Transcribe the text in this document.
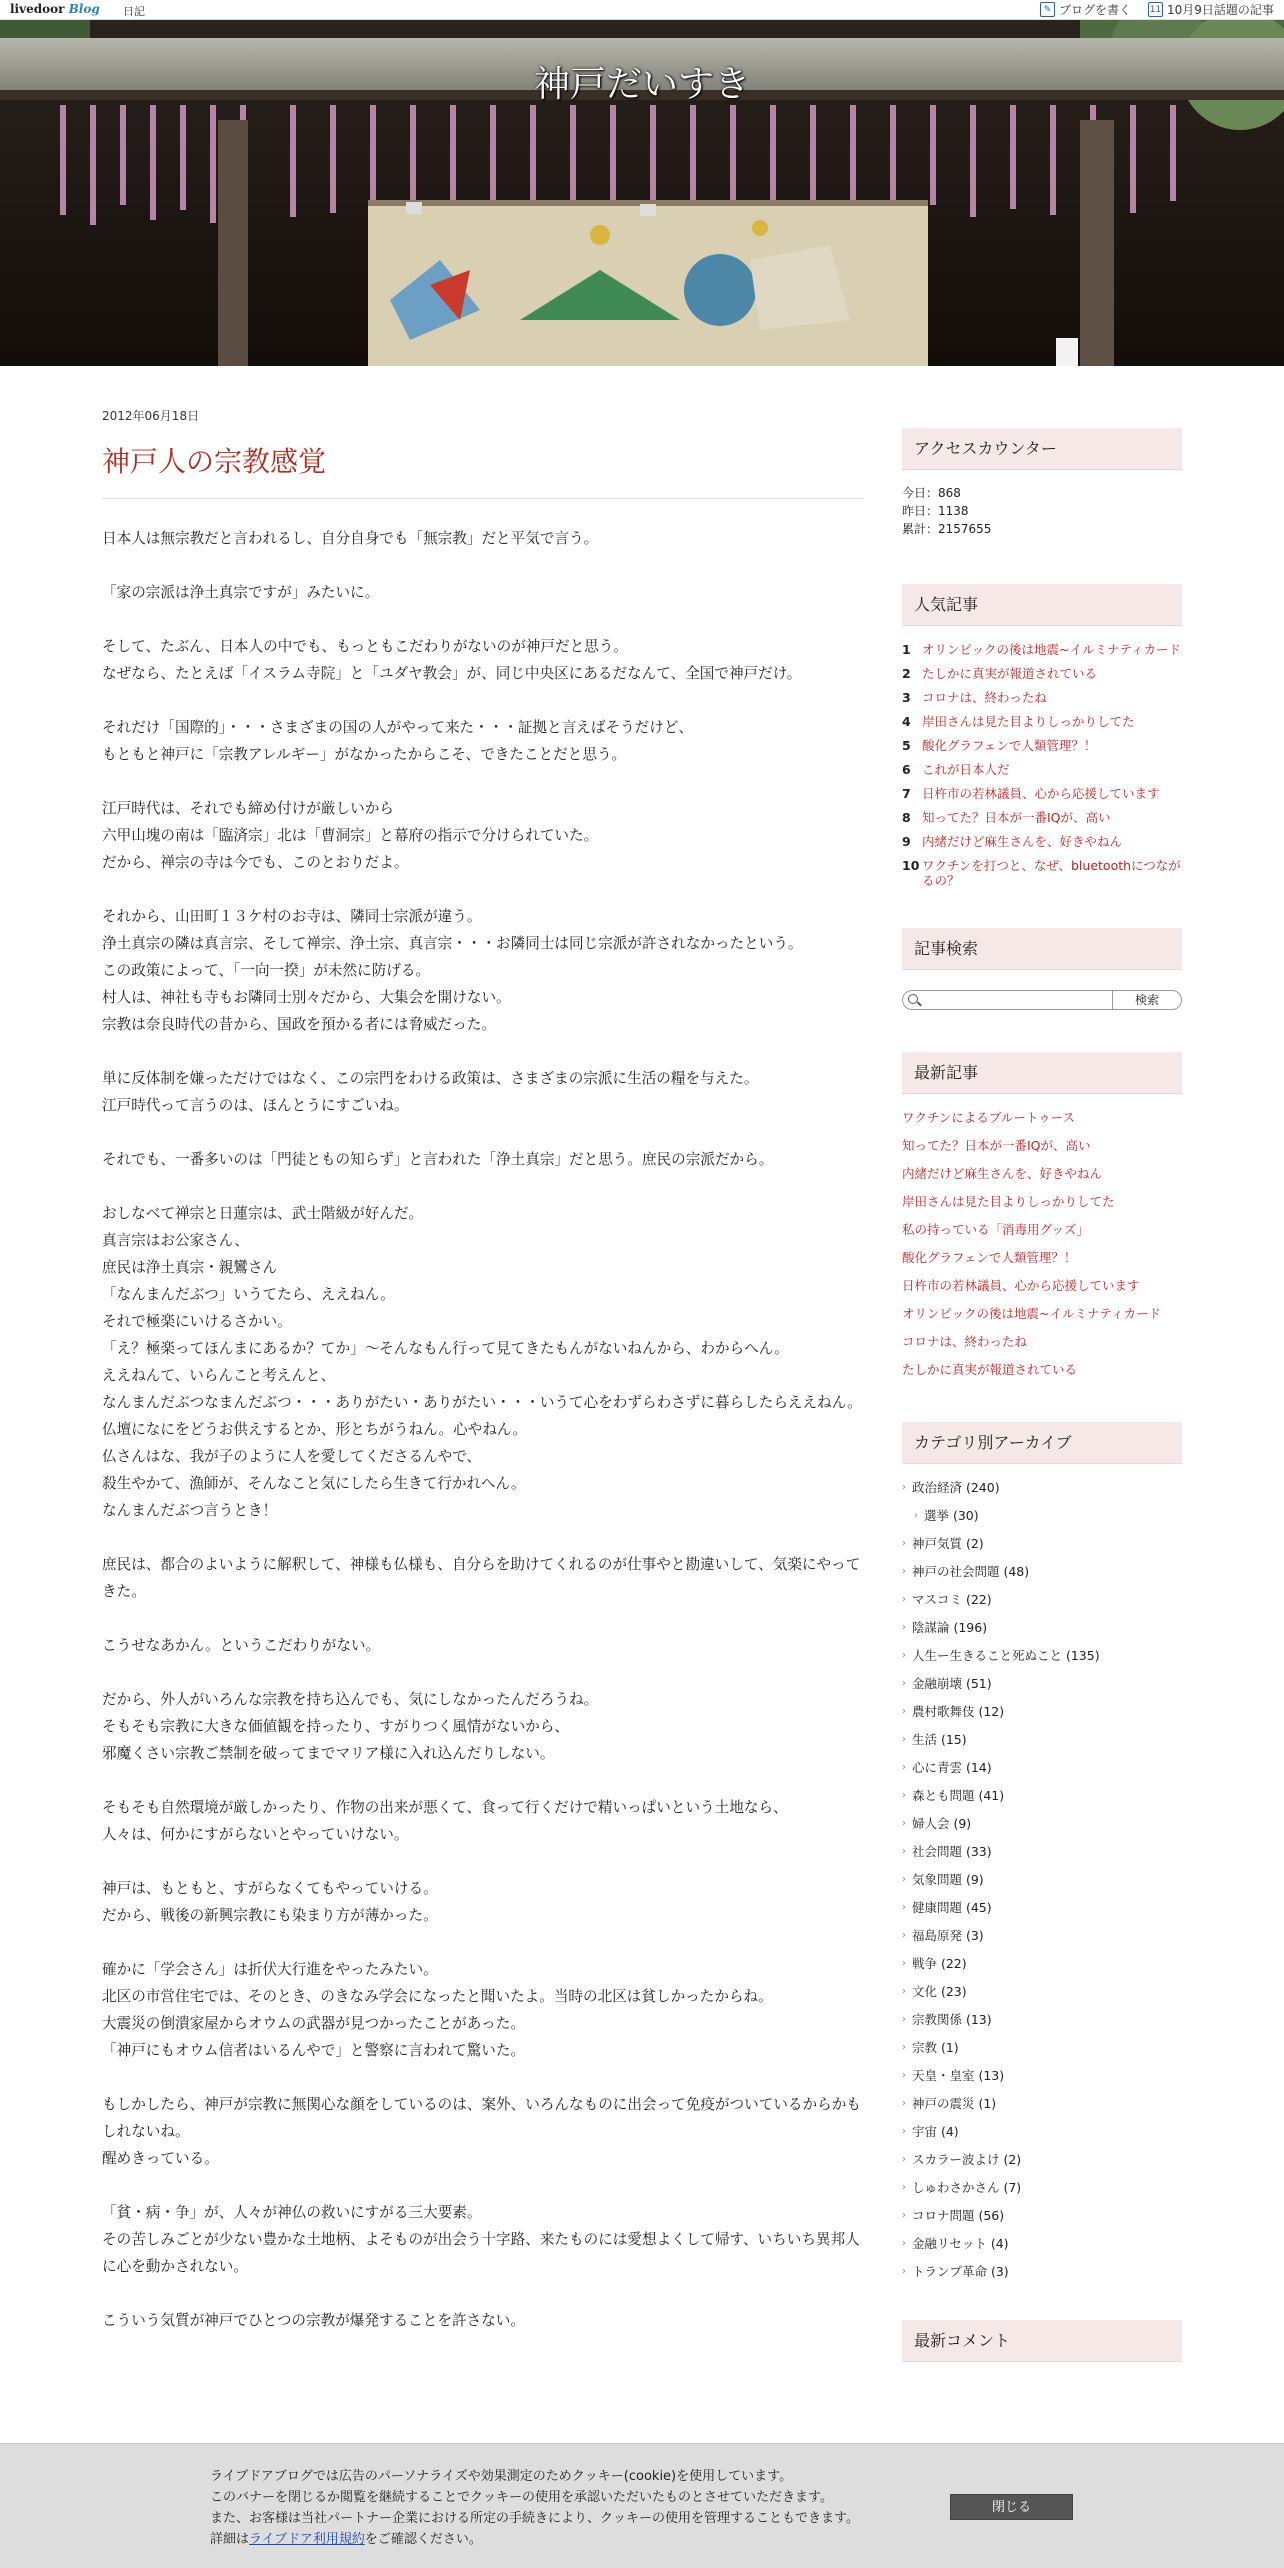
livedoor Blog 日記	✎ ブログを書く 11 10月9日話題の記事
神戸だいすき
2012年06月18日
神戸人の宗教感覚
日本人は無宗教だと言われるし、自分自身でも「無宗教」だと平気で言う。
「家の宗派は浄土真宗ですが」みたいに。
そして、たぶん、日本人の中でも、もっともこだわりがないのが神戸だと思う。
なぜなら、たとえば「イスラム寺院」と「ユダヤ教会」が、同じ中央区にあるだなんて、全国で神戸だけ。
それだけ「国際的」・・・さまざまの国の人がやって来た・・・証拠と言えばそうだけど、
もともと神戸に「宗教アレルギー」がなかったからこそ、できたことだと思う。
江戸時代は、それでも締め付けが厳しいから
六甲山塊の南は「臨済宗」北は「曹洞宗」と幕府の指示で分けられていた。
だから、禅宗の寺は今でも、このとおりだよ。
それから、山田町１３ケ村のお寺は、隣同士宗派が違う。
浄土真宗の隣は真言宗、そして禅宗、浄土宗、真言宗・・・お隣同士は同じ宗派が許されなかったという。
この政策によって、「一向一揆」が未然に防げる。
村人は、神社も寺もお隣同士別々だから、大集会を開けない。
宗教は奈良時代の昔から、国政を預かる者には脅威だった。
単に反体制を嫌っただけではなく、この宗門をわける政策は、さまざまの宗派に生活の糧を与えた。
江戸時代って言うのは、ほんとうにすごいね。
それでも、一番多いのは「門徒ともの知らず」と言われた「浄土真宗」だと思う。庶民の宗派だから。
おしなべて禅宗と日蓮宗は、武士階級が好んだ。
真言宗はお公家さん、
庶民は浄土真宗・親鸞さん
「なんまんだぶつ」いうてたら、ええねん。
それで極楽にいけるさかい。
「え？極楽ってほんまにあるか？てか」～そんなもん行って見てきたもんがないねんから、わからへん。
ええねんて、いらんこと考えんと、
なんまんだぶつなまんだぶつ・・・ありがたい・ありがたい・・・いうて心をわずらわさずに暮らしたらええねん。
仏壇になにをどうお供えするとか、形とちがうねん。心やねん。
仏さんはな、我が子のように人を愛してくださるんやで、
殺生やかて、漁師が、そんなこと気にしたら生きて行かれへん。
なんまんだぶつ言うとき！
庶民は、都合のよいように解釈して、神様も仏様も、自分らを助けてくれるのが仕事やと勘違いして、気楽にやってきた。
こうせなあかん。というこだわりがない。
だから、外人がいろんな宗教を持ち込んでも、気にしなかったんだろうね。
そもそも宗教に大きな価値観を持ったり、すがりつく風情がないから、
邪魔くさい宗教ご禁制を破ってまでマリア様に入れ込んだりしない。
そもそも自然環境が厳しかったり、作物の出来が悪くて、食って行くだけで精いっぱいという土地なら、
人々は、何かにすがらないとやっていけない。
神戸は、もともと、すがらなくてもやっていける。
だから、戦後の新興宗教にも染まり方が薄かった。
確かに「学会さん」は折伏大行進をやったみたい。
北区の市営住宅では、そのとき、のきなみ学会になったと聞いたよ。当時の北区は貧しかったからね。
大震災の倒潰家屋からオウムの武器が見つかったことがあった。
「神戸にもオウム信者はいるんやで」と警察に言われて驚いた。
もしかしたら、神戸が宗教に無関心な顔をしているのは、案外、いろんなものに出会って免疫がついているからかもしれないね。
醒めきっている。
「貧・病・争」が、人々が神仏の救いにすがる三大要素。
その苦しみごとが少ない豊かな土地柄、よそものが出会う十字路、来たものには愛想よくして帰す、いちいち異邦人に心を動かされない。
こういう気質が神戸でひとつの宗教が爆発することを許さない。
アクセスカウンター
今日：868
昨日：1138
累計：2157655
人気記事
1 オリンピックの後は地震~イルミナティカード
2 たしかに真実が報道されている
3 コロナは、終わったね
4 岸田さんは見た目よりしっかりしてた
5 酸化グラフェンで人類管理？！
6 これが日本人だ
7 日杵市の若林議員、心から応援しています
8 知ってた？日本が一番IQが、高い
9 内緒だけど麻生さんを、好きやねん
10 ワクチンを打つと、なぜ、bluetoothにつながるの？
記事検索
検索
最新記事
ワクチンによるブルートゥース
知ってた？日本が一番IQが、高い
内緒だけど麻生さんを、好きやねん
岸田さんは見た目よりしっかりしてた
私の持っている「消毒用グッズ」
酸化グラフェンで人類管理？！
日杵市の若林議員、心から応援しています
オリンピックの後は地震~イルミナティカード
コロナは、終わったね
たしかに真実が報道されている
カテゴリ別アーカイブ
› 政治経済 (240)
› 選挙 (30)
› 神戸気質 (2)
› 神戸の社会問題 (48)
› マスコミ (22)
› 陰謀論 (196)
› 人生ー生きること死ぬこと (135)
› 金融崩壊 (51)
› 農村歌舞伎 (12)
› 生活 (15)
› 心に青雲 (14)
› 森とも問題 (41)
› 婦人会 (9)
› 社会問題 (33)
› 気象問題 (9)
› 健康問題 (45)
› 福島原発 (3)
› 戦争 (22)
› 文化 (23)
› 宗教関係 (13)
› 宗教 (1)
› 天皇・皇室 (13)
› 神戸の震災 (1)
› 宇宙 (4)
› スカラー波よけ (2)
› しゅわさかさん (7)
› コロナ問題 (56)
› 金融リセット (4)
› トランプ革命 (3)
最新コメント
ライブドアブログでは広告のパーソナライズや効果測定のためクッキー(cookie)を使用しています。
このバナーを閉じるか閲覧を継続することでクッキーの使用を承認いただいたものとさせていただきます。
また、お客様は当社パートナー企業における所定の手続きにより、クッキーの使用を管理することもできます。
詳細はライブドア利用規約をご確認ください。
閉じる
